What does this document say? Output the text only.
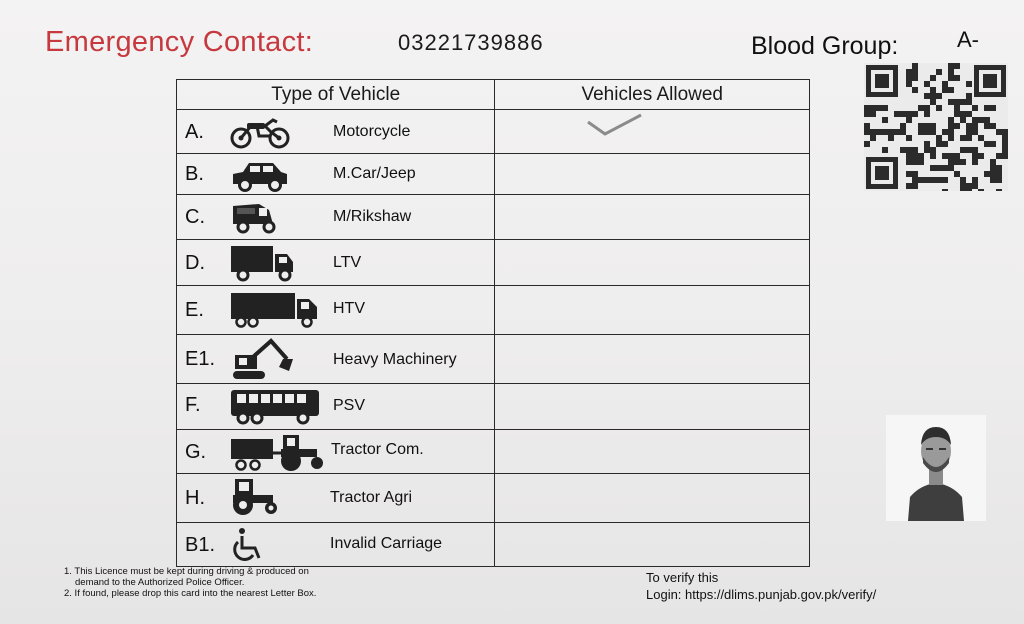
Emergency Contact:	03221739886	Blood Group:	A-
Type of Vehicle	Vehicles Allowed

A. Motorcycle

B. M.Car/Jeep	

C. M/Rikshaw	

D. LTV	

E. HTV	

E1. Heavy Machinery	

F. PSV	

G. Tractor Com.	

H. Tractor Agri	

B1. Invalid Carriage	

1. This Licence must be kept during driving & produced on
demand to the Authorized Police Officer.
2. If found, please drop this card into the nearest Letter Box.
To verify this
Login: https://dlims.punjab.gov.pk/verify/
